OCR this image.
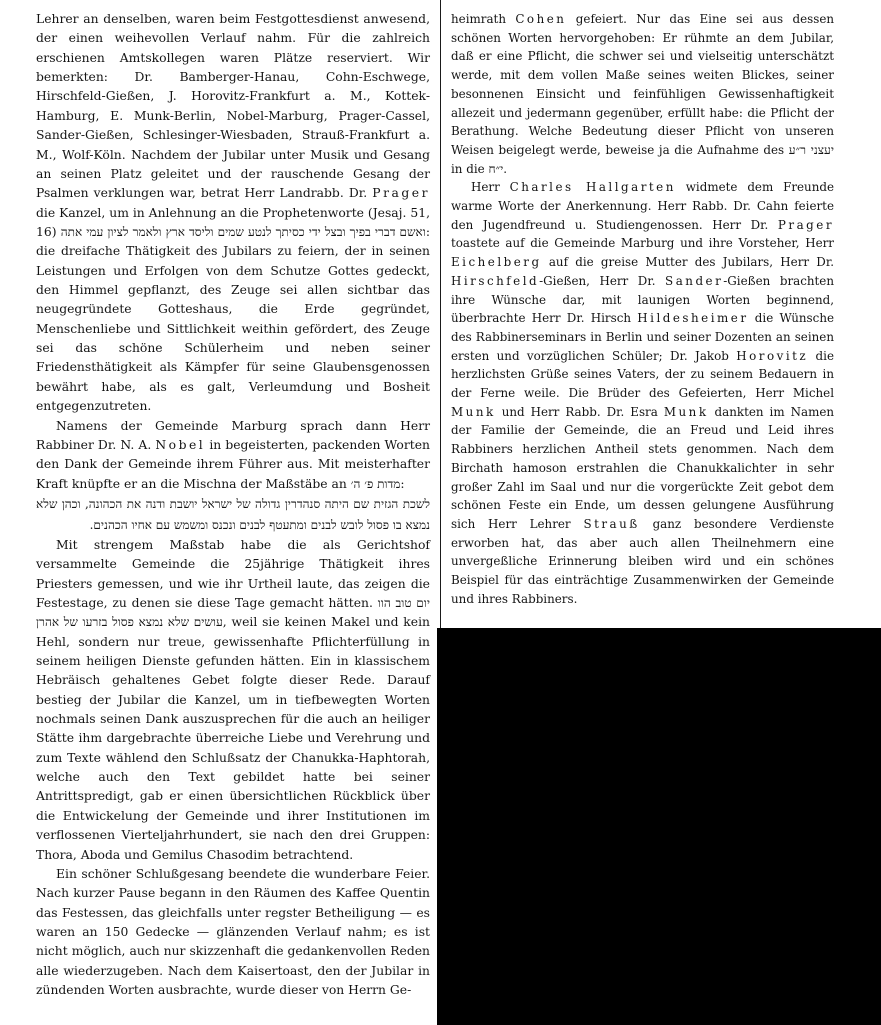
Lehrer an denselben, waren beim Festgottesdienst anwesend, der einen weihevollen Verlauf nahm. Für die zahlreich erschienen Amtskollegen waren Plätze reserviert. Wir bemerkten: Dr. Bamberger-Hanau, Cohn-Eschwege, Hirschfeld-Gießen, J. Horovitz-Frankfurt a. M., Kottek-Hamburg, E. Munk-Berlin, Nobel-Marburg, Prager-Cassel, Sander-Gießen, Schlesinger-Wiesbaden, Strauß-Frankfurt a. M., Wolf-Köln. Nachdem der Jubilar unter Musik und Gesang an seinen Platz geleitet und der rauschende Gesang der Psalmen verklungen war, betrat Herr Landrabb. Dr. Prager die Kanzel, um in Anlehnung an die Prophetenworte (Jesaj. 51, 16)	ואשם דברי בפיך ובצל ידי כסיתך לנטע שמים וליסד ארץ ולאמר לציון עמי אתה	: die dreifache Thätigkeit des Jubilars zu feiern, der in seinen Leistungen und Erfolgen von dem Schutze Gottes gedeckt, den Himmel gepflanzt, des Zeuge sei allen sichtbar das neugegründete Gotteshaus, die Erde gegründet, Menschenliebe und Sittlichkeit weithin gefördert, des Zeuge sei das schöne Schülerheim und neben seiner Friedensthätigkeit als Kämpfer für seine Glaubensgenossen bewährt habe, als es galt, Verleumdung und Bosheit entgegenzutreten.

Namens der Gemeinde Marburg sprach dann Herr Rabbiner Dr. N. A. Nobel in begeisterten, packenden Worten den Dank der Gemeinde ihrem Führer aus. Mit meisterhafter Kraft knüpfte er an die Mischna der Maßstäbe an מדות פ׳ ה׳:

לשכת הגזית שם היתה סנהדרין גדולה של ישראל יושבת ודנה את הכהונה, וכהן שלא נמצא בו פסול לובש לבנים ומתעטף לבנים ונכנס ומשמש עם אחיו הכהנים.

Mit strengem Maßstab habe die als Gerichtshof versammelte Gemeinde die 25jährige Thätigkeit ihres Priesters gemessen, und wie ihr Urtheil laute, das zeigen die Festestage, zu denen sie diese Tage gemacht hätten. יום טוב הוו עושים שלא נמצא פסול בזרעו של אהרן, weil sie keinen Makel und kein Hehl, sondern nur treue, gewissenhafte Pflichterfüllung in seinem heiligen Dienste gefunden hätten. Ein in klassischem Hebräisch gehaltenes Gebet folgte dieser Rede. Darauf bestieg der Jubilar die Kanzel, um in tiefbewegten Worten nochmals seinen Dank auszusprechen für die auch an heiliger Stätte ihm dargebrachte überreiche Liebe und Verehrung und zum Texte wählend den Schlußsatz der Chanukka-Haphtorah, welche auch den Text gebildet hatte bei seiner Antrittspredigt, gab er einen übersichtlichen Rückblick über die Entwickelung der Gemeinde und ihrer Institutionen im verflossenen Vierteljahrhundert, sie nach den drei Gruppen: Thora, Aboda und Gemilus Chasodim betrachtend.

Ein schöner Schlußgesang beendete die wunderbare Feier. Nach kurzer Pause begann in den Räumen des Kaffee Quentin das Festessen, das gleichfalls unter regster Betheiligung — es waren an 150 Gedecke — glänzenden Verlauf nahm; es ist nicht möglich, auch nur skizzenhaft die gedankenvollen Reden alle wiederzugeben. Nach dem Kaisertoast, den der Jubilar in zündenden Worten ausbrachte, wurde dieser von Herrn Ge-

heimrath Cohen gefeiert. Nur das Eine sei aus dessen schönen Worten hervorgehoben: Er rühmte an dem Jubilar, daß er eine Pflicht, die schwer sei und vielseitig unterschätzt werde, mit dem vollen Maße seines weiten Blickes, seiner besonnenen Einsicht und feinfühligen Gewissenhaftigkeit allezeit und jedermann gegenüber, erfüllt habe: die Pflicht der Berathung. Welche Bedeutung dieser Pflicht von unseren Weisen beigelegt werde, beweise ja die Aufnahme des יעצני ר״ע in die י״ח.

Herr Charles Hallgarten widmete dem Freunde warme Worte der Anerkennung. Herr Rabb. Dr. Cahn feierte den Jugendfreund u. Studiengenossen. Herr Dr. Prager toastete auf die Gemeinde Marburg und ihre Vorsteher, Herr Eichelberg auf die greise Mutter des Jubilars, Herr Dr. Hirschfeld-Gießen, Herr Dr. Sander-Gießen brachten ihre Wünsche dar, mit launigen Worten beginnend, überbrachte Herr Dr. Hirsch Hildesheimer die Wünsche des Rabbinerseminars in Berlin und seiner Dozenten an seinen ersten und vorzüglichen Schüler; Dr. Jakob Horovitz die herzlichsten Grüße seines Vaters, der zu seinem Bedauern in der Ferne weile. Die Brüder des Gefeierten, Herr Michel Munk und Herr Rabb. Dr. Esra Munk dankten im Namen der Familie der Gemeinde, die an Freud und Leid ihres Rabbiners herzlichen Antheil stets genommen. Nach dem Birchath hamoson erstrahlen die Chanukkalichter in sehr großer Zahl im Saal und nur die vorgerückte Zeit gebot dem schönen Feste ein Ende, um dessen gelungene Ausführung sich Herr Lehrer Strauß ganz besondere Verdienste erworben hat, das aber auch allen Theilnehmern eine unvergeßliche Erinnerung bleiben wird und ein schönes Beispiel für das einträchtige Zusammenwirken der Gemeinde und ihres Rabbiners.
